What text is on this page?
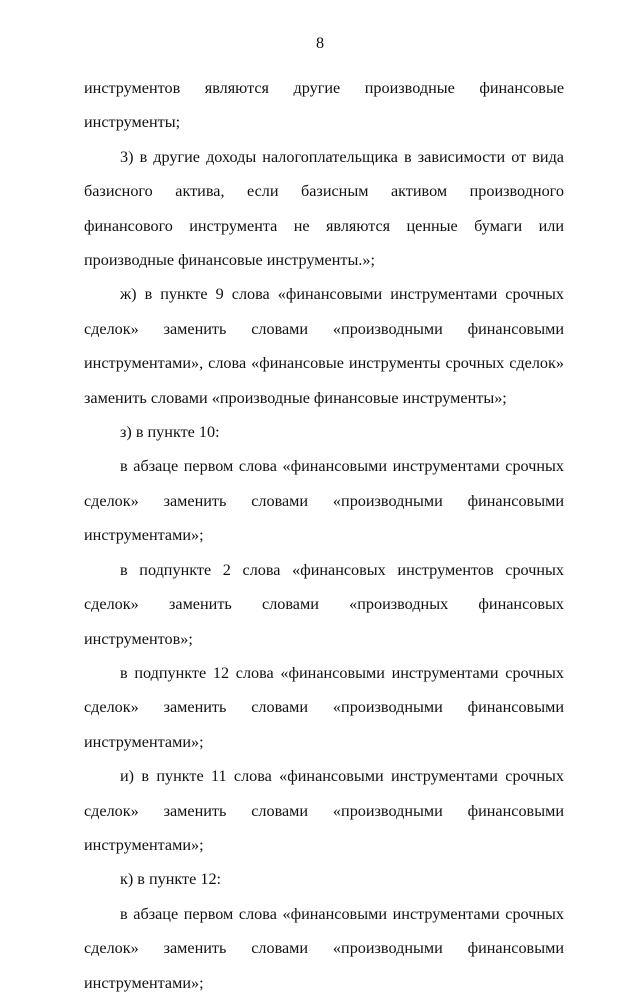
8

инструментов являются другие производные финансовые инструменты;

3) в другие доходы налогоплательщика в зависимости от вида базисного актива, если базисным активом производного финансового инструмента не являются ценные бумаги или производные финансовые инструменты.»;

ж) в пункте 9 слова «финансовыми инструментами срочных сделок» заменить словами «производными финансовыми инструментами», слова «финансовые инструменты срочных сделок» заменить словами «производные финансовые инструменты»;

з) в пункте 10:

в абзаце первом слова «финансовыми инструментами срочных сделок» заменить словами «производными финансовыми инструментами»;

в подпункте 2 слова «финансовых инструментов срочных сделок» заменить словами «производных финансовых инструментов»;

в подпункте 12 слова «финансовыми инструментами срочных сделок» заменить словами «производными финансовыми инструментами»;

и) в пункте 11 слова «финансовыми инструментами срочных сделок» заменить словами «производными финансовыми инструментами»;

к) в пункте 12:

в абзаце первом слова «финансовыми инструментами срочных сделок» заменить словами «производными финансовыми инструментами»;
